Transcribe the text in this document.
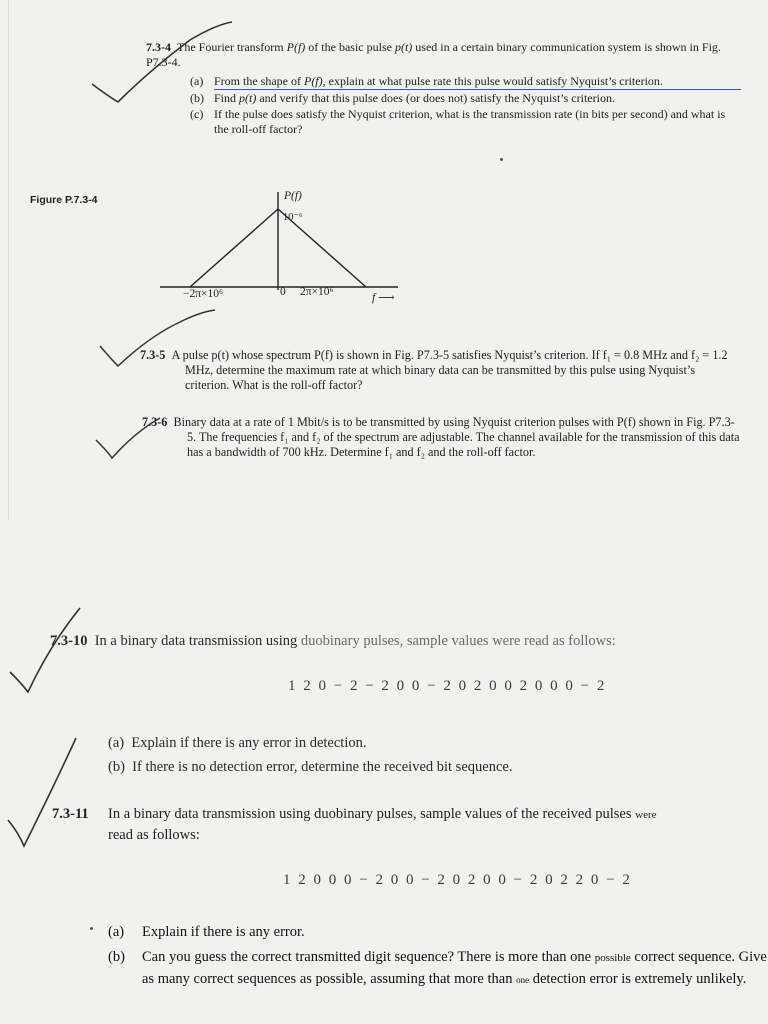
7.3-4 The Fourier transform P(f) of the basic pulse p(t) used in a certain binary communication system is shown in Fig. P7.3-4.
(a) From the shape of P(f), explain at what pulse rate this pulse would satisfy Nyquist’s criterion.
(b) Find p(t) and verify that this pulse does (or does not) satisfy the Nyquist’s criterion.
(c) If the pulse does satisfy the Nyquist criterion, what is the transmission rate (in bits per second) and what is the roll-off factor?
Figure P.7.3-4	P(f)
10⁻⁶
−2π×10⁶	0 2π×10⁶	f ⟶
7.3-5 A pulse p(t) whose spectrum P(f) is shown in Fig. P7.3-5 satisfies Nyquist’s criterion. If f₁ = 0.8 MHz and f₂ = 1.2 MHz, determine the maximum rate at which binary data can be transmitted by this pulse using Nyquist’s criterion. What is the roll-off factor?
7.3-6 Binary data at a rate of 1 Mbit/s is to be transmitted by using Nyquist criterion pulses with P(f) shown in Fig. P7.3-5. The frequencies f₁ and f₂ of the spectrum are adjustable. The channel available for the transmission of this data has a bandwidth of 700 kHz. Determine f₁ and f₂ and the roll-off factor.
7.3-10 In a binary data transmission using duobinary pulses, sample values were read as follows:
1 2 0 − 2 − 2 0 0 − 2 0 2 0 0 2 0 0 0 − 2
(a) Explain if there is any error in detection.
(b) If there is no detection error, determine the received bit sequence.
7.3-11	In a binary data transmission using duobinary pulses, sample values of the received pulses were
read as follows:
1 2 0 0 0 − 2 0 0 − 2 0 2 0 0 − 2 0 2 2 0 − 2
(a)	Explain if there is any error.
(b)	Can you guess the correct transmitted digit sequence? There is more than one possible correct sequence. Give as many correct sequences as possible, assuming that more than one detection error is extremely unlikely.
